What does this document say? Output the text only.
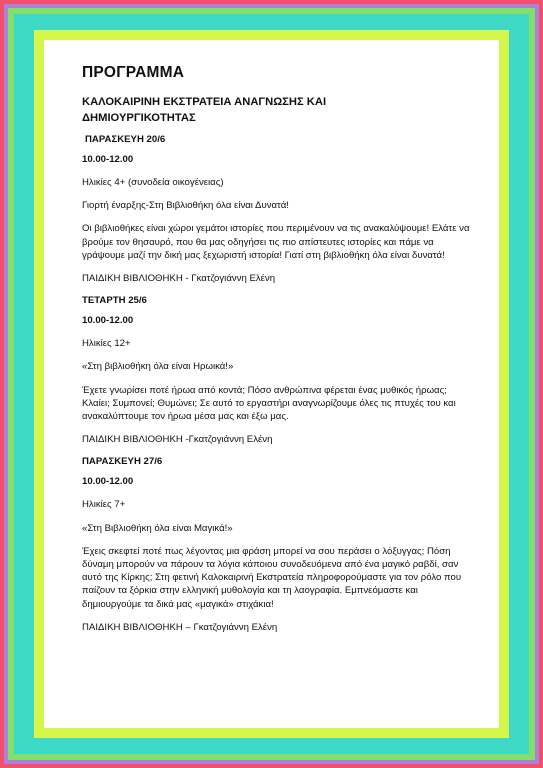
ΠΡΟΓΡΑΜΜΑ
ΚΑΛΟΚΑΙΡΙΝΗ ΕΚΣΤΡΑΤΕΙΑ ΑΝΑΓΝΩΣΗΣ ΚΑΙ ΔΗΜΙΟΥΡΓΙΚΟΤΗΤΑΣ
ΠΑΡΑΣΚΕΥΗ 20/6
10.00-12.00

Ηλικίες 4+ (συνοδεία οικογένειας)

Γιορτή έναρξης-Στη Βιβλιοθήκη όλα είναι Δυνατά!

Οι βιβλιοθήκες είναι χώροι γεμάτοι ιστορίες που περιμένουν να τις ανακαλύψουμε! Ελάτε να βρούμε τον θησαυρό, που θα μας οδηγήσει τις πιο απίστευτες ιστορίες και πάμε να γράψουμε μαζί την δική μας ξεχωριστή ιστορία! Γιατί στη βιβλιοθήκη όλα είναι δυνατά!

ΠΑΙΔΙΚΗ ΒΙΒΛΙΟΘΗΚΗ - Γκατζογιάννη Ελένη

ΤΕΤΑΡΤΗ 25/6
10.00-12.00

Ηλικίες 12+

«Στη βιβλιοθήκη όλα είναι Ηρωικά!»

Έχετε γνωρίσει ποτέ ήρωα από κοντά; Πόσο ανθρώπινα φέρεται ένας μυθικός ήρωας; Κλαίει; Συμπονεί; Θυμώνει; Σε αυτό το εργαστήρι αναγνωρίζουμε όλες τις πτυχές του και ανακαλύπτουμε τον ήρωα μέσα μας και έξω μας.

ΠΑΙΔΙΚΗ ΒΙΒΛΙΟΘΗΚΗ -Γκατζογιάννη Ελένη

ΠΑΡΑΣΚΕΥΗ 27/6
10.00-12.00

Ηλικίες 7+

«Στη Βιβλιοθήκη όλα είναι Μαγικά!»

Έχεις σκεφτεί ποτέ πως λέγοντας μια φράση μπορεί να σου περάσει ο λόξυγγας; Πόση δύναμη μπορούν να πάρουν τα λόγια κάποιου συνοδευόμενα από ένα μαγικό ραβδί, σαν αυτό της Κίρκης; Στη φετινή Καλοκαιρινή Εκστρατεία πληροφορούμαστε για τον ρόλο που παίζουν τα ξόρκια στην ελληνική μυθολογία και τη λαογραφία. Εμπνεόμαστε και δημιουργούμε τα δικά μας «μαγικά» στιχάκια!

ΠΑΙΔΙΚΗ ΒΙΒΛΙΟΘΗΚΗ – Γκατζογιάννη Ελένη
